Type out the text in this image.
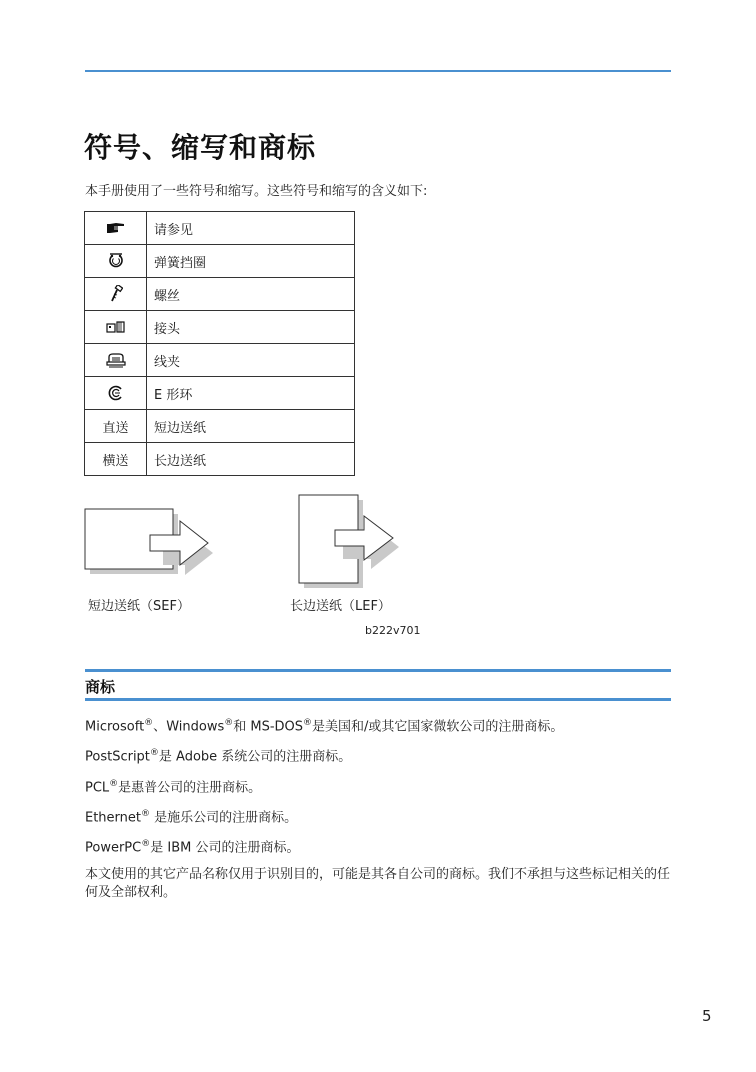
符号、缩写和商标
本手册使用了一些符号和缩写。这些符号和缩写的含义如下:
	请参见

	弹簧挡圈

	螺丝

	接头

	线夹

	E 形环
直送	短边送纸
横送	长边送纸
短边送纸（SEF）	长边送纸（LEF）
b222v701
商标
Microsoft®、Windows®和 MS-DOS®是美国和/或其它国家微软公司的注册商标。
PostScript®是 Adobe 系统公司的注册商标。
PCL®是惠普公司的注册商标。
Ethernet® 是施乐公司的注册商标。
PowerPC®是 IBM 公司的注册商标。
本文使用的其它产品名称仅用于识别目的，可能是其各自公司的商标。我们不承担与这些标记相关的任何及全部权利。
5
